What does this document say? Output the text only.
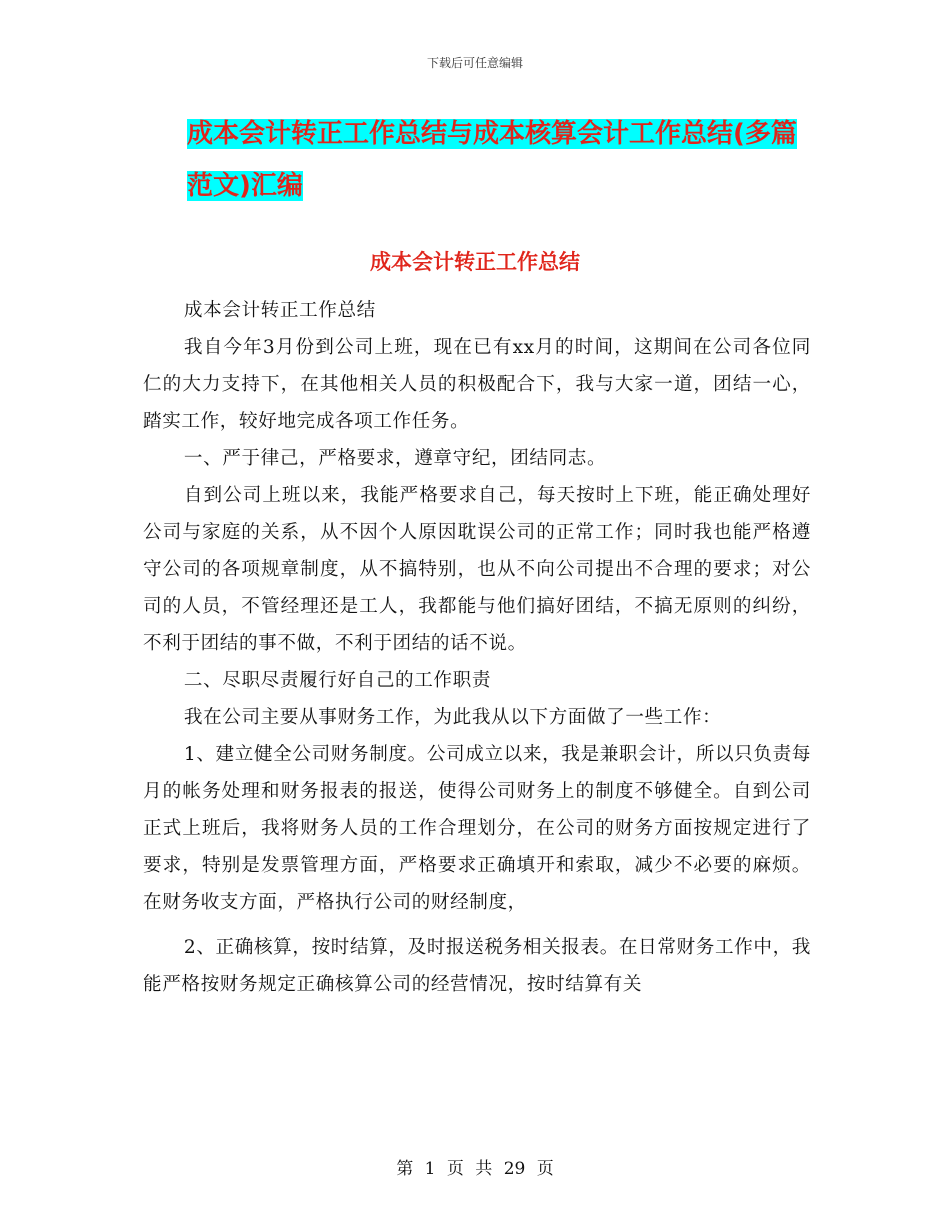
下载后可任意编辑
成本会计转正工作总结与成本核算会计工作总结(多篇范文)汇编
成本会计转正工作总结

成本会计转正工作总结

我自今年3月份到公司上班，现在已有xx月的时间，这期间在公司各位同仁的大力支持下，在其他相关人员的积极配合下，我与大家一道，团结一心，踏实工作，较好地完成各项工作任务。

一、严于律己，严格要求，遵章守纪，团结同志。

自到公司上班以来，我能严格要求自己，每天按时上下班，能正确处理好公司与家庭的关系，从不因个人原因耽误公司的正常工作；同时我也能严格遵守公司的各项规章制度，从不搞特别，也从不向公司提出不合理的要求；对公司的人员，不管经理还是工人，我都能与他们搞好团结，不搞无原则的纠纷，不利于团结的事不做，不利于团结的话不说。

二、尽职尽责履行好自己的工作职责

我在公司主要从事财务工作，为此我从以下方面做了一些工作：

1、建立健全公司财务制度。公司成立以来，我是兼职会计，所以只负责每月的帐务处理和财务报表的报送，使得公司财务上的制度不够健全。自到公司正式上班后，我将财务人员的工作合理划分，在公司的财务方面按规定进行了要求，特别是发票管理方面，严格要求正确填开和索取，减少不必要的麻烦。在财务收支方面，严格执行公司的财经制度，

2、正确核算，按时结算，及时报送税务相关报表。在日常财务工作中，我能严格按财务规定正确核算公司的经营情况，按时结算有关

第 1 页 共 29 页
